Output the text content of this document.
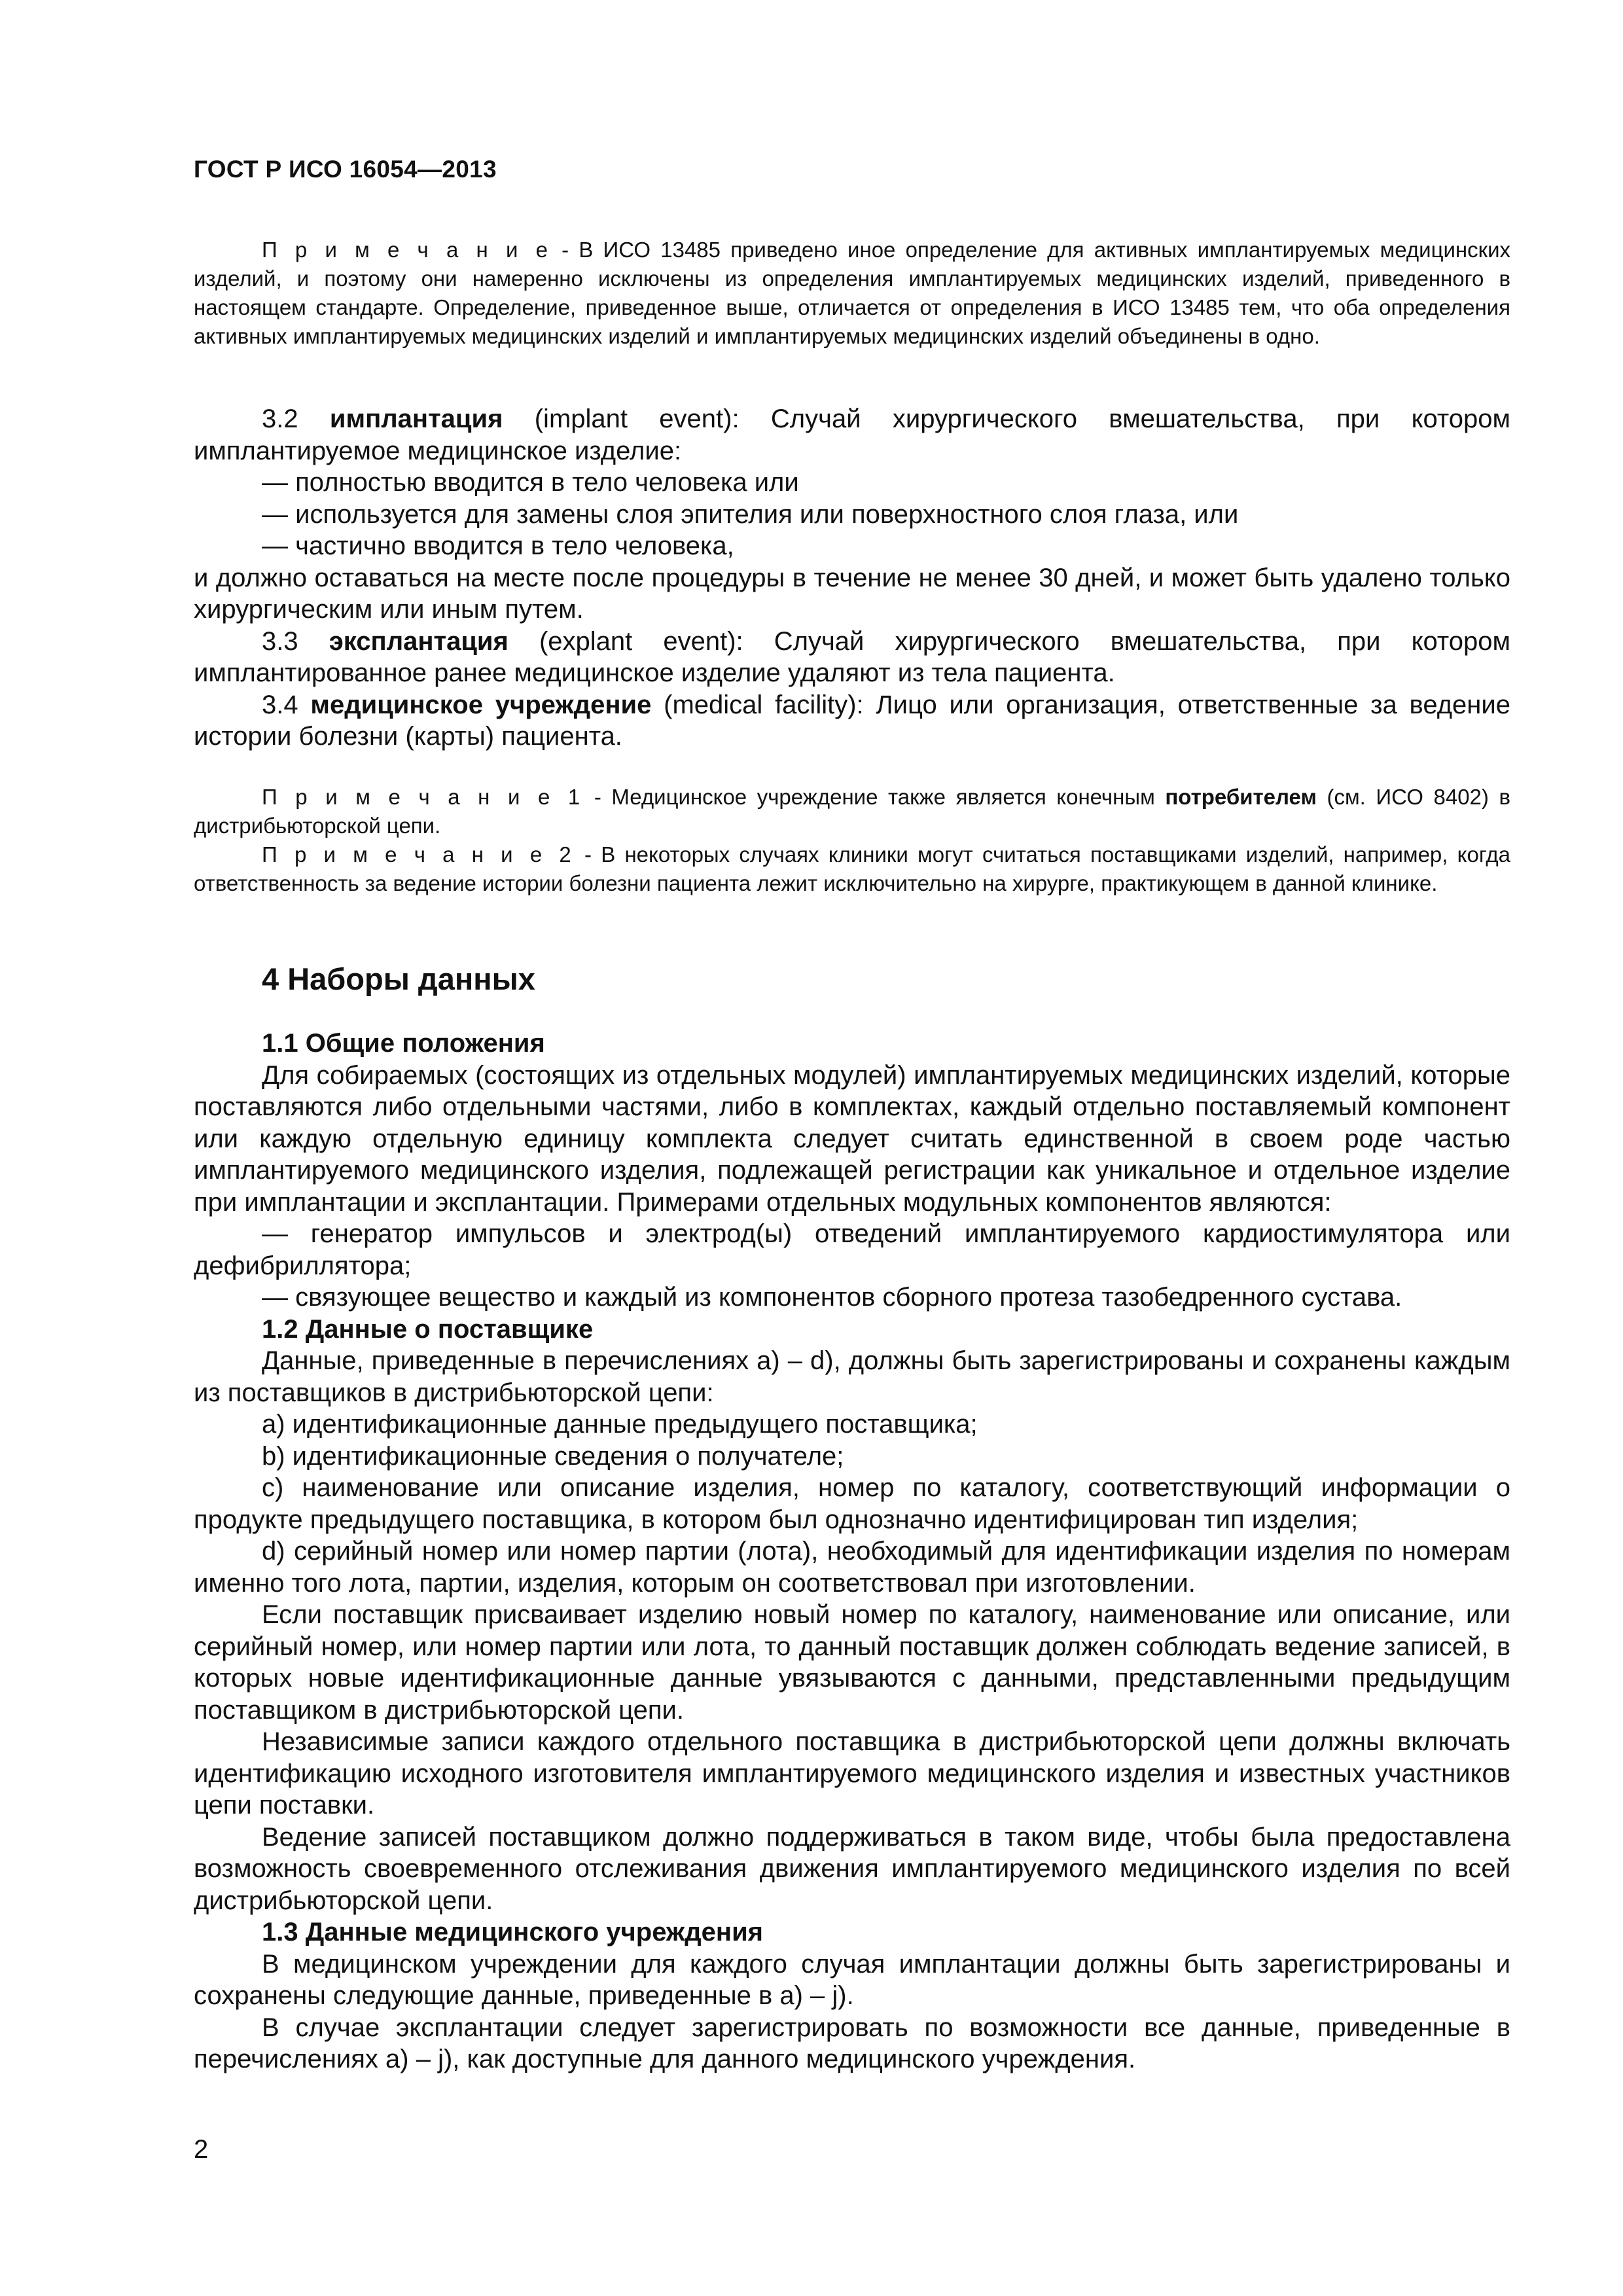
ГОСТ Р ИСО 16054—2013

П р и м е ч а н и е - В ИСО 13485 приведено иное определение для активных имплантируемых медицинских изделий, и поэтому они намеренно исключены из определения имплантируемых медицинских изделий, приведенного в настоящем стандарте. Определение, приведенное выше, отличается от определения в ИСО 13485 тем, что оба определения активных имплантируемых медицинских изделий и имплантируемых медицинских изделий объединены в одно.

3.2 имплантация (implant event): Случай хирургического вмешательства, при котором имплантируемое медицинское изделие:

— полностью вводится в тело человека или

— используется для замены слоя эпителия или поверхностного слоя глаза, или

— частично вводится в тело человека,

и должно оставаться на месте после процедуры в течение не менее 30 дней, и может быть удалено только хирургическим или иным путем.

3.3 эксплантация (explant event): Случай хирургического вмешательства, при котором имплантированное ранее медицинское изделие удаляют из тела пациента.

3.4 медицинское учреждение (medical facility): Лицо или организация, ответственные за ведение истории болезни (карты) пациента.

П р и м е ч а н и е 1 - Медицинское учреждение также является конечным потребителем (см. ИСО 8402) в дистрибьюторской цепи.

П р и м е ч а н и е 2 - В некоторых случаях клиники могут считаться поставщиками изделий, например, когда ответственность за ведение истории болезни пациента лежит исключительно на хирурге, практикующем в данной клинике.

4 Наборы данных

1.1 Общие положения

Для собираемых (состоящих из отдельных модулей) имплантируемых медицинских изделий, которые поставляются либо отдельными частями, либо в комплектах, каждый отдельно поставляемый компонент или каждую отдельную единицу комплекта следует считать единственной в своем роде частью имплантируемого медицинского изделия, подлежащей регистрации как уникальное и отдельное изделие при имплантации и эксплантации. Примерами отдельных модульных компонентов являются:

— генератор импульсов и электрод(ы) отведений имплантируемого кардиостимулятора или дефибриллятора;

— связующее вещество и каждый из компонентов сборного протеза тазобедренного сустава.

1.2 Данные о поставщике

Данные, приведенные в перечислениях а) – d), должны быть зарегистрированы и сохранены каждым из поставщиков в дистрибьюторской цепи:

a) идентификационные данные предыдущего поставщика;

b) идентификационные сведения о получателе;

c) наименование или описание изделия, номер по каталогу, соответствующий информации о продукте предыдущего поставщика, в котором был однозначно идентифицирован тип изделия;

d) серийный номер или номер партии (лота), необходимый для идентификации изделия по номерам именно того лота, партии, изделия, которым он соответствовал при изготовлении.

Если поставщик присваивает изделию новый номер по каталогу, наименование или описание, или серийный номер, или номер партии или лота, то данный поставщик должен соблюдать ведение записей, в которых новые идентификационные данные увязываются с данными, представленными предыдущим поставщиком в дистрибьюторской цепи.

Независимые записи каждого отдельного поставщика в дистрибьюторской цепи должны включать идентификацию исходного изготовителя имплантируемого медицинского изделия и известных участников цепи поставки.

Ведение записей поставщиком должно поддерживаться в таком виде, чтобы была предоставлена возможность своевременного отслеживания движения имплантируемого медицинского изделия по всей дистрибьюторской цепи.

1.3 Данные медицинского учреждения

В медицинском учреждении для каждого случая имплантации должны быть зарегистрированы и сохранены следующие данные, приведенные в а) – j).

В случае эксплантации следует зарегистрировать по возможности все данные, приведенные в перечислениях а) – j), как доступные для данного медицинского учреждения.

2
